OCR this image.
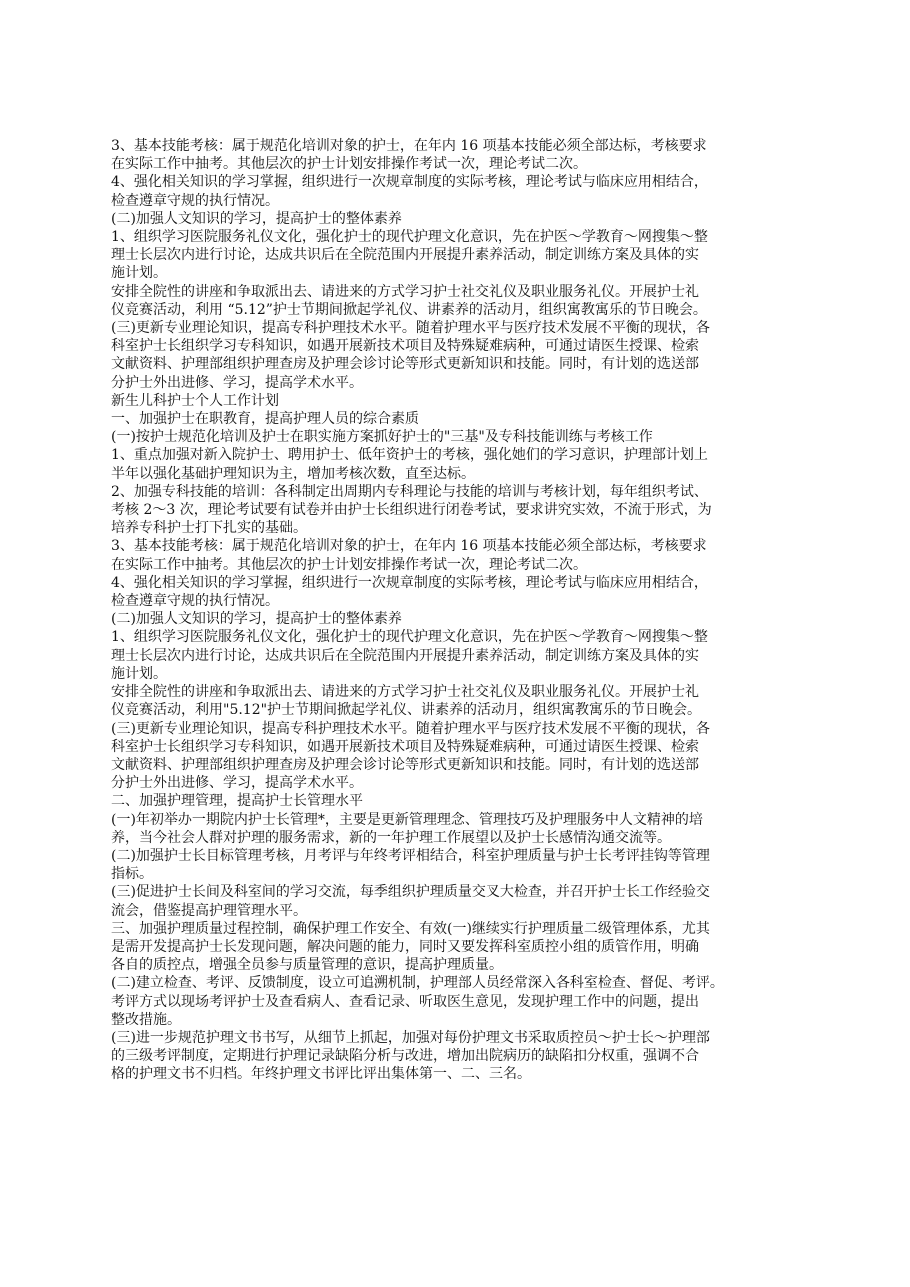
3、基本技能考核：属于规范化培训对象的护士，在年内 16 项基本技能必须全部达标，考核要求
在实际工作中抽考。其他层次的护士计划安排操作考试一次，理论考试二次。
4、强化相关知识的学习掌握，组织进行一次规章制度的实际考核，理论考试与临床应用相结合，
检查遵章守规的执行情况。
(二)加强人文知识的学习，提高护士的整体素养
1、组织学习医院服务礼仪文化，强化护士的现代护理文化意识，先在护医～学教育～网搜集～整
理士长层次内进行讨论，达成共识后在全院范围内开展提升素养活动，制定训练方案及具体的实
施计划。
安排全院性的讲座和争取派出去、请进来的方式学习护士社交礼仪及职业服务礼仪。开展护士礼
仪竞赛活动，利用 “5.12”护士节期间掀起学礼仪、讲素养的活动月，组织寓教寓乐的节日晚会。
(三)更新专业理论知识，提高专科护理技术水平。随着护理水平与医疗技术发展不平衡的现状，各
科室护士长组织学习专科知识，如遇开展新技术项目及特殊疑难病种，可通过请医生授课、检索
文献资料、护理部组织护理查房及护理会诊讨论等形式更新知识和技能。同时，有计划的选送部
分护士外出进修、学习，提高学术水平。
新生儿科护士个人工作计划
一、加强护士在职教育，提高护理人员的综合素质
(一)按护士规范化培训及护士在职实施方案抓好护士的"三基"及专科技能训练与考核工作
1、重点加强对新入院护士、聘用护士、低年资护士的考核，强化她们的学习意识，护理部计划上
半年以强化基础护理知识为主，增加考核次数，直至达标。
2、加强专科技能的培训：各科制定出周期内专科理论与技能的培训与考核计划，每年组织考试、
考核 2～3 次，理论考试要有试卷并由护士长组织进行闭卷考试，要求讲究实效，不流于形式，为
培养专科护士打下扎实的基础。
3、基本技能考核：属于规范化培训对象的护士，在年内 16 项基本技能必须全部达标，考核要求
在实际工作中抽考。其他层次的护士计划安排操作考试一次，理论考试二次。
4、强化相关知识的学习掌握，组织进行一次规章制度的实际考核，理论考试与临床应用相结合，
检查遵章守规的执行情况。
(二)加强人文知识的学习，提高护士的整体素养
1、组织学习医院服务礼仪文化，强化护士的现代护理文化意识，先在护医～学教育～网搜集～整
理士长层次内进行讨论，达成共识后在全院范围内开展提升素养活动，制定训练方案及具体的实
施计划。
安排全院性的讲座和争取派出去、请进来的方式学习护士社交礼仪及职业服务礼仪。开展护士礼
仪竞赛活动，利用"5.12"护士节期间掀起学礼仪、讲素养的活动月，组织寓教寓乐的节日晚会。
(三)更新专业理论知识，提高专科护理技术水平。随着护理水平与医疗技术发展不平衡的现状，各
科室护士长组织学习专科知识，如遇开展新技术项目及特殊疑难病种，可通过请医生授课、检索
文献资料、护理部组织护理查房及护理会诊讨论等形式更新知识和技能。同时，有计划的选送部
分护士外出进修、学习，提高学术水平。
二、加强护理管理，提高护士长管理水平
(一)年初举办一期院内护士长管理*，主要是更新管理理念、管理技巧及护理服务中人文精神的培
养，当今社会人群对护理的服务需求，新的一年护理工作展望以及护士长感情沟通交流等。
(二)加强护士长目标管理考核，月考评与年终考评相结合，科室护理质量与护士长考评挂钩等管理
指标。
(三)促进护士长间及科室间的学习交流，每季组织护理质量交叉大检查，并召开护士长工作经验交
流会，借鉴提高护理管理水平。
三、加强护理质量过程控制，确保护理工作安全、有效(一)继续实行护理质量二级管理体系，尤其
是需开发提高护士长发现问题，解决问题的能力，同时又要发挥科室质控小组的质管作用，明确
各自的质控点，增强全员参与质量管理的意识，提高护理质量。
(二)建立检查、考评、反馈制度，设立可追溯机制，护理部人员经常深入各科室检查、督促、考评。
考评方式以现场考评护士及查看病人、查看记录、听取医生意见，发现护理工作中的问题，提出
整改措施。
(三)进一步规范护理文书书写，从细节上抓起，加强对每份护理文书采取质控员～护士长～护理部
的三级考评制度，定期进行护理记录缺陷分析与改进，增加出院病历的缺陷扣分权重，强调不合
格的护理文书不归档。年终护理文书评比评出集体第一、二、三名。
